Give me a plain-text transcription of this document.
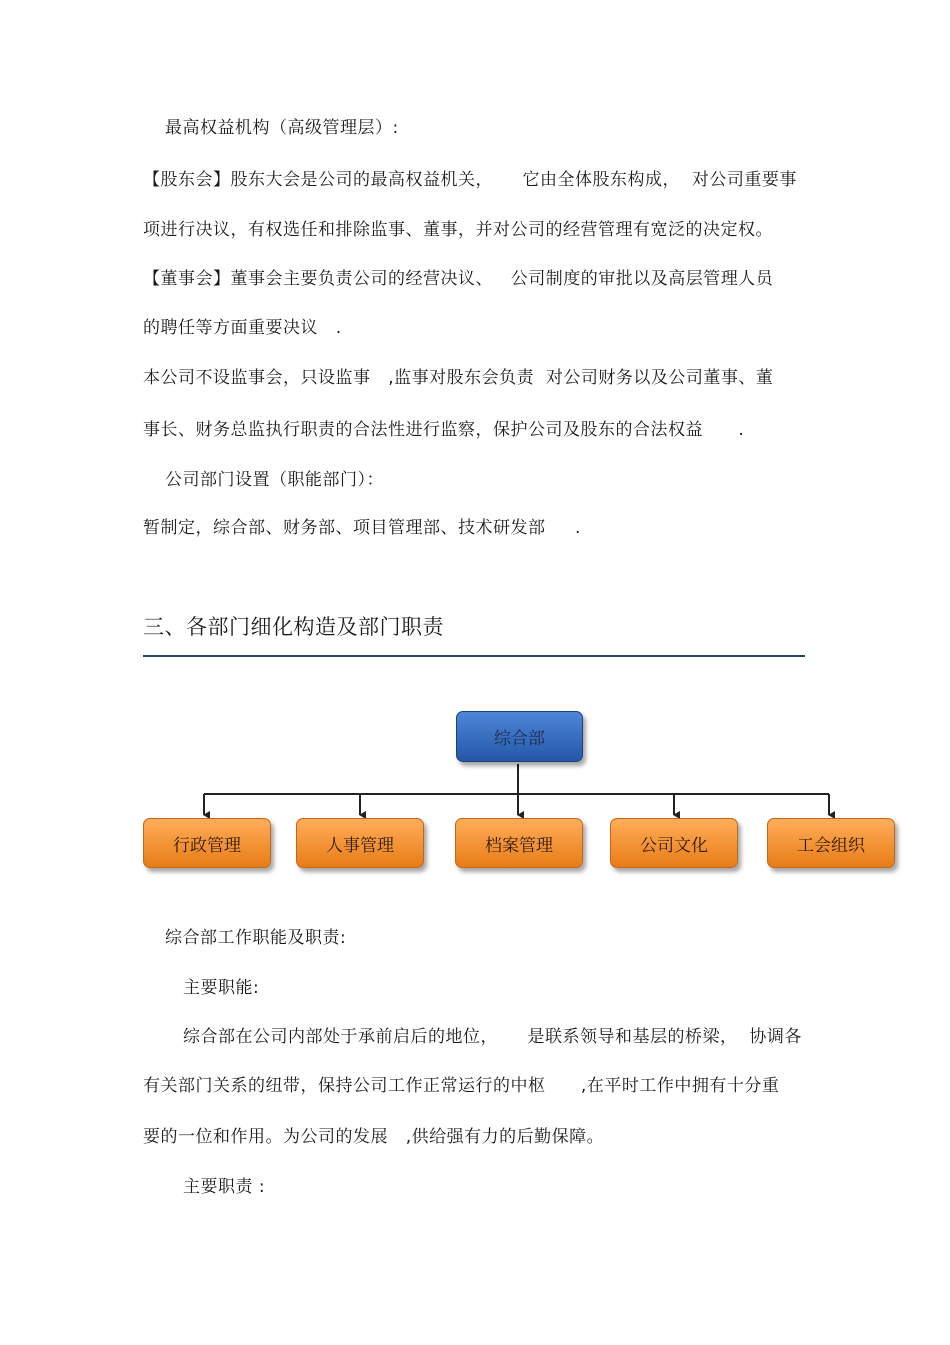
最高权益机构（高级管理层）:
【股东会】股东大会是公司的最高权益机关，     它由全体股东构成，  对公司重要事
项进行决议，有权选任和排除监事、董事，并对公司的经营管理有宽泛的决定权。
【董事会】董事会主要负责公司的经营决议、   公司制度的审批以及高层管理人员
的聘任等方面重要决议   .
本公司不设监事会，只设监事   ,监事对股东会负责  对公司财务以及公司董事、董
事长、财务总监执行职责的合法性进行监察，保护公司及股东的合法权益      .
公司部门设置（职能部门）：
暂制定，综合部、财务部、项目管理部、技术研发部     .
三、各部门细化构造及部门职责
综合部
行政管理	人事管理	档案管理	公司文化	工会组织
综合部工作职能及职责:
主要职能:
综合部在公司内部处于承前启后的地位，     是联系领导和基层的桥梁，  协调各
有关部门关系的纽带，保持公司工作正常运行的中枢      ,在平时工作中拥有十分重
要的一位和作用。为公司的发展   ,供给强有力的后勤保障。
主要职责 :
